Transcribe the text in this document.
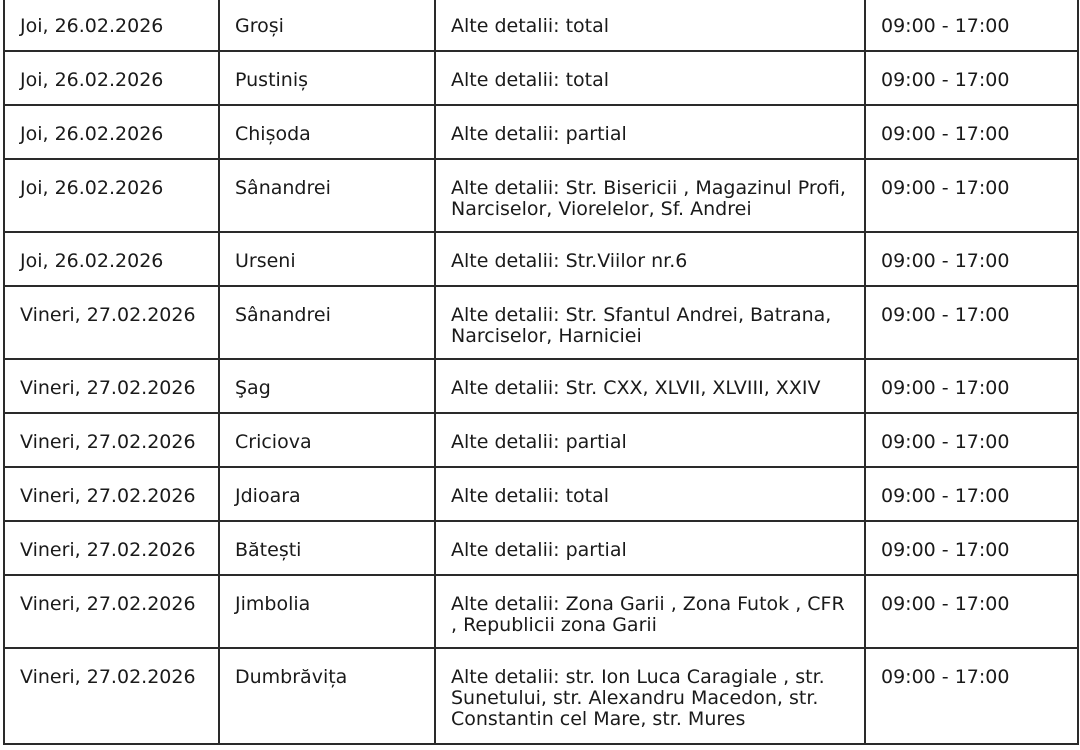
Joi, 26.02.2026	Groși	Alte detalii: total	09:00 - 17:00
Joi, 26.02.2026	Pustiniș	Alte detalii: total	09:00 - 17:00
Joi, 26.02.2026	Chișoda	Alte detalii: partial	09:00 - 17:00
Joi, 26.02.2026	Sânandrei	Alte detalii: Str. Bisericii , Magazinul Profi, Narciselor, Viorelelor, Sf. Andrei	09:00 - 17:00
Joi, 26.02.2026	Urseni	Alte detalii: Str.Viilor nr.6	09:00 - 17:00
Vineri, 27.02.2026	Sânandrei	Alte detalii: Str. Sfantul Andrei, Batrana, Narciselor, Harniciei	09:00 - 17:00
Vineri, 27.02.2026	Şag	Alte detalii: Str. CXX, XLVII, XLVIII, XXIV	09:00 - 17:00
Vineri, 27.02.2026	Criciova	Alte detalii: partial	09:00 - 17:00
Vineri, 27.02.2026	Jdioara	Alte detalii: total	09:00 - 17:00
Vineri, 27.02.2026	Bătești	Alte detalii: partial	09:00 - 17:00
Vineri, 27.02.2026	Jimbolia	Alte detalii: Zona Garii , Zona Futok , CFR , Republicii zona Garii	09:00 - 17:00
Vineri, 27.02.2026	Dumbrăvița	Alte detalii: str. Ion Luca Caragiale , str. Sunetului, str. Alexandru Macedon, str. Constantin cel Mare, str. Mures	09:00 - 17:00
